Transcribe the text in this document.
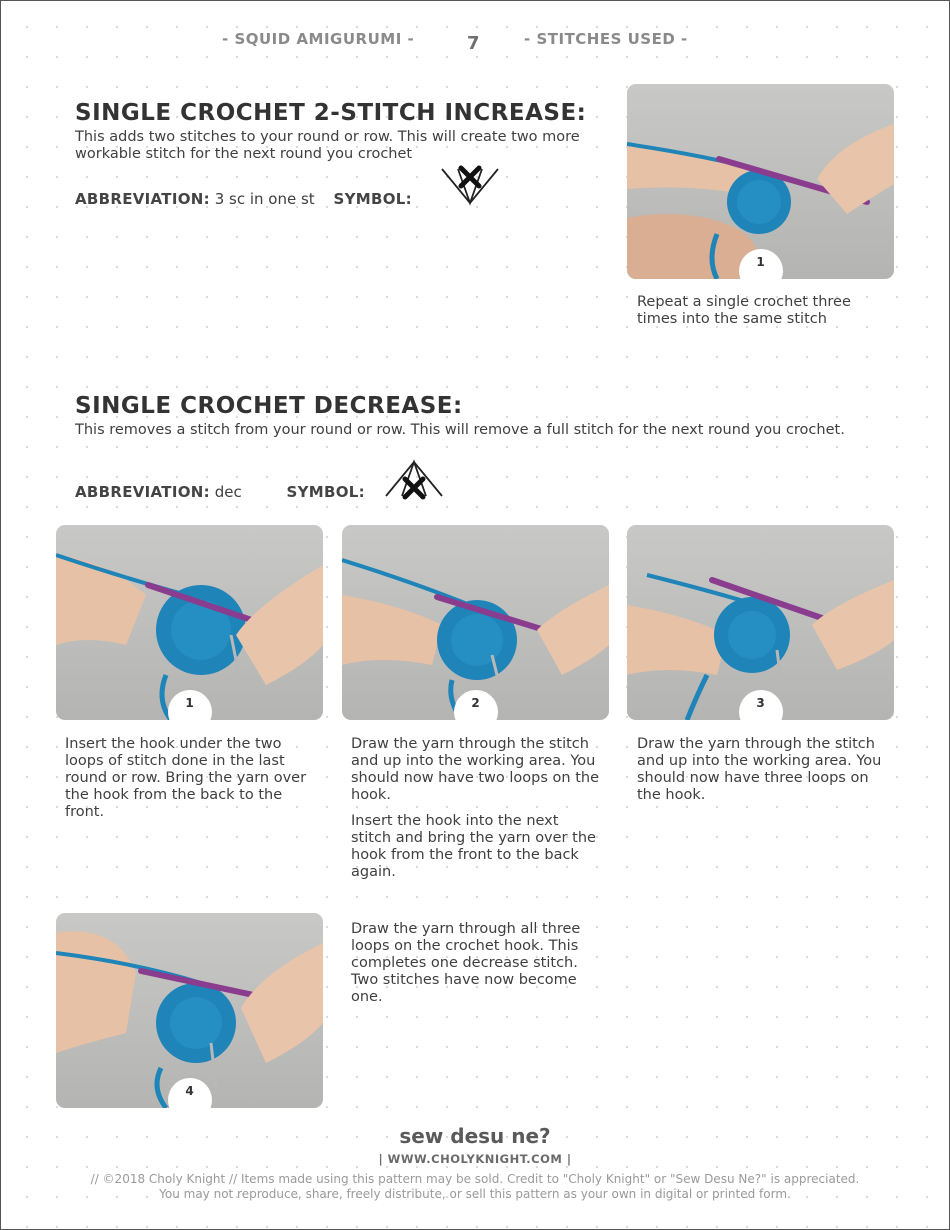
- SQUID AMIGURUMI -	7	- STITCHES USED -
SINGLE CROCHET 2-STITCH INCREASE:
This adds two stitches to your round or row. This will create two more workable stitch for the next round you crochet
ABBREVIATION: 3 sc in one st SYMBOL:
1
Repeat a single crochet three times into the same stitch
SINGLE CROCHET DECREASE:
This removes a stitch from your round or row. This will remove a full stitch for the next round you crochet.
ABBREVIATION: dec	SYMBOL:
1	2	3
Insert the hook under the two loops of stitch done in the last round or row. Bring the yarn over the hook from the back to the front.
Draw the yarn through the stitch and up into the working area. You should now have two loops on the hook.
Insert the hook into the next stitch and bring the yarn over the hook from the front to the back again.
Draw the yarn through the stitch and up into the working area. You should now have three loops on the hook.
4
Draw the yarn through all three loops on the crochet hook. This completes one decrease stitch. Two stitches have now become one.
sew desu ne?
| WWW.CHOLYKNIGHT.COM |
// ©2018 Choly Knight // Items made using this pattern may be sold. Credit to "Choly Knight" or "Sew Desu Ne?" is appreciated.
You may not reproduce, share, freely distribute, or sell this pattern as your own in digital or printed form.
